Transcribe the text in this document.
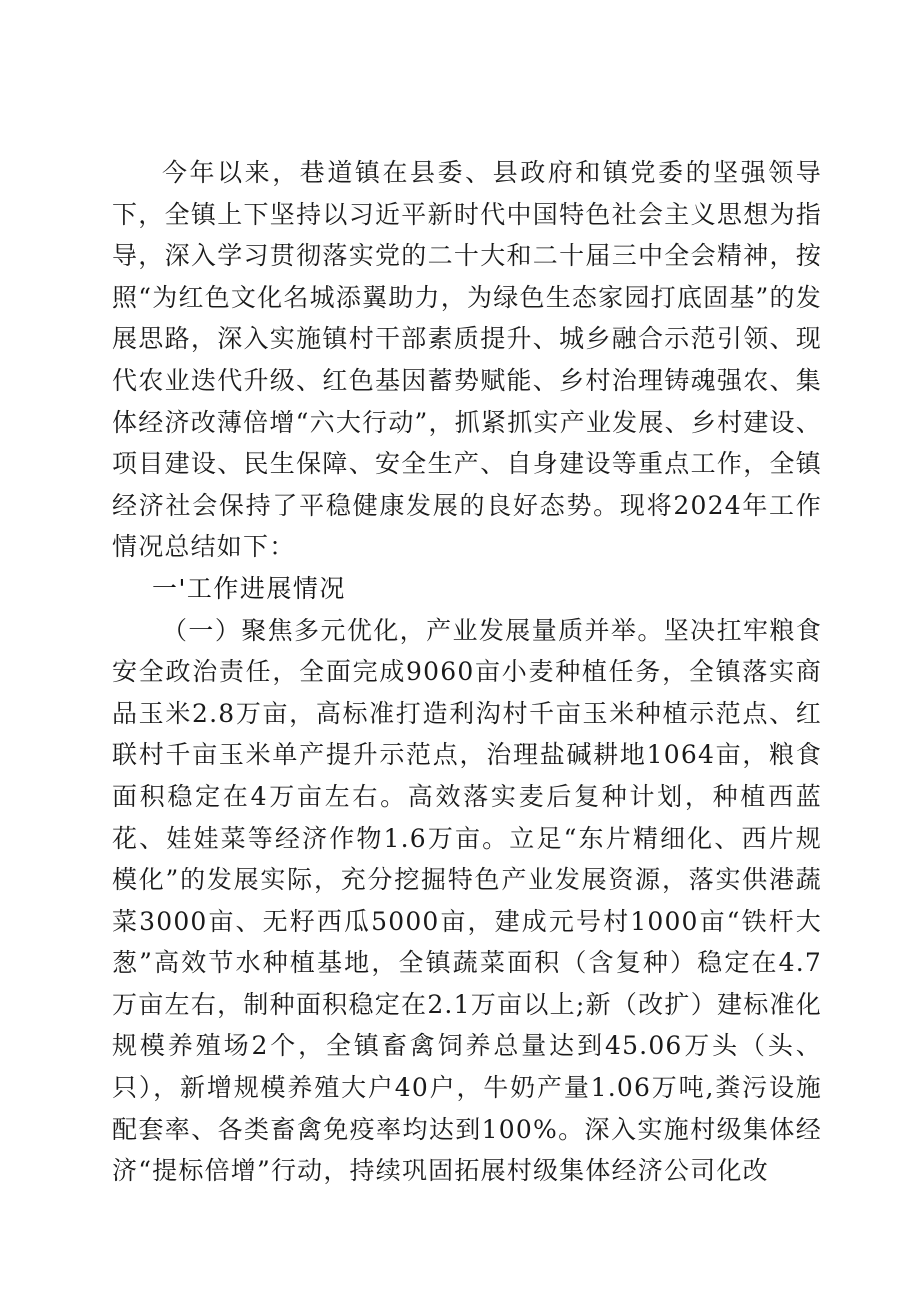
今年以来，巷道镇在县委、县政府和镇党委的坚强领导下，全镇上下坚持以习近平新时代中国特色社会主义思想为指导，深入学习贯彻落实党的二十大和二十届三中全会精神，按照“为红色文化名城添翼助力，为绿色生态家园打底固基”的发展思路，深入实施镇村干部素质提升、城乡融合示范引领、现代农业迭代升级、红色基因蓄势赋能、乡村治理铸魂强农、集体经济改薄倍增“六大行动”，抓紧抓实产业发展、乡村建设、项目建设、民生保障、安全生产、自身建设等重点工作，全镇经济社会保持了平稳健康发展的良好态势。现将2024年工作情况总结如下：

一'工作进展情况

（一）聚焦多元优化，产业发展量质并举。坚决扛牢粮食安全政治责任，全面完成9060亩小麦种植任务，全镇落实商品玉米2.8万亩，高标准打造利沟村千亩玉米种植示范点、红联村千亩玉米单产提升示范点，治理盐碱耕地1064亩，粮食面积稳定在4万亩左右。高效落实麦后复种计划，种植西蓝花、娃娃菜等经济作物1.6万亩。立足“东片精细化、西片规模化”的发展实际，充分挖掘特色产业发展资源，落实供港蔬菜3000亩、无籽西瓜5000亩，建成元号村1000亩“铁杆大葱”高效节水种植基地，全镇蔬菜面积（含复种）稳定在4.7万亩左右，制种面积稳定在2.1万亩以上;新（改扩）建标准化规模养殖场2个，全镇畜禽饲养总量达到45.06万头（头、只），新增规模养殖大户40户，牛奶产量1.06万吨,粪污设施配套率、各类畜禽免疫率均达到100%。深入实施村级集体经济“提标倍增”行动，持续巩固拓展村级集体经济公司化改
